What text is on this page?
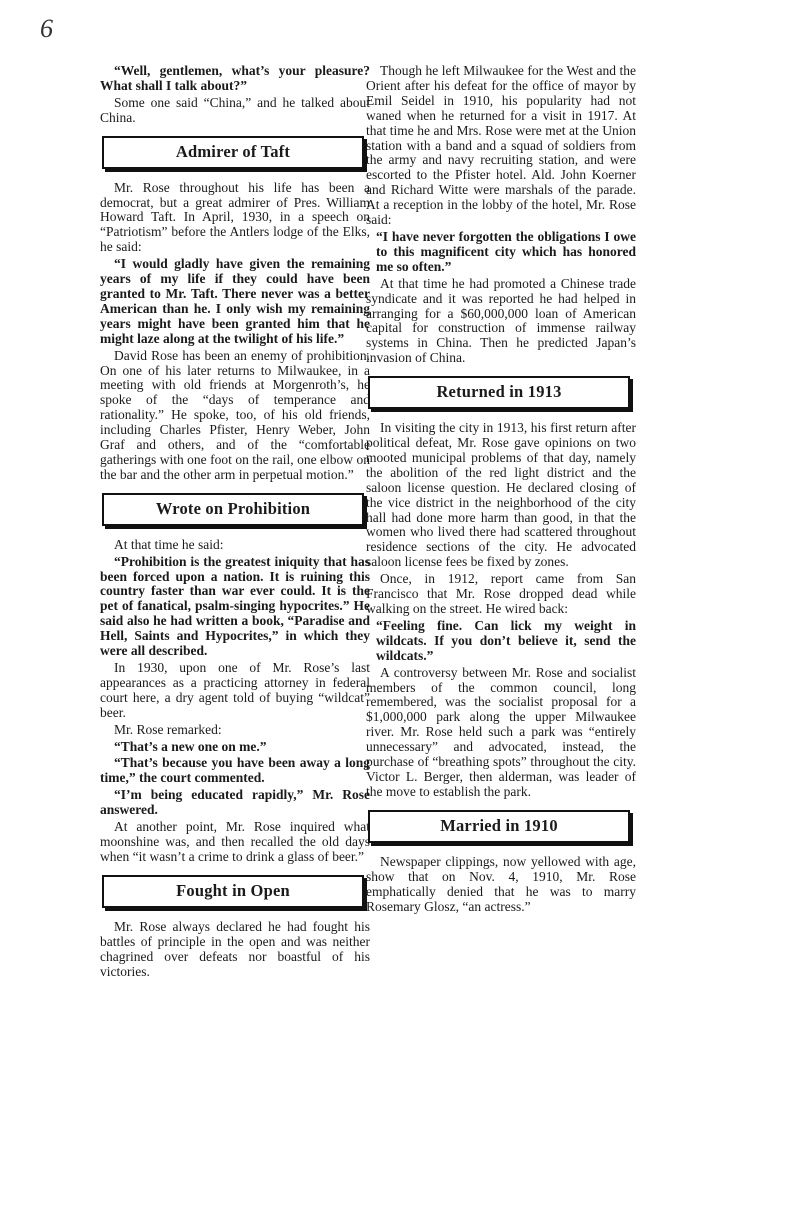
6

“Well, gentlemen, what’s your pleasure? What shall I talk about?”

Some one said “China,” and he talked about China.

Admirer of Taft

Mr. Rose throughout his life has been a democrat, but a great admirer of Pres. William Howard Taft. In April, 1930, in a speech on “Patriotism” before the Antlers lodge of the Elks, he said:

“I would gladly have given the remaining years of my life if they could have been granted to Mr. Taft. There never was a better American than he. I only wish my remaining years might have been granted him that he might laze along at the twilight of his life.”

David Rose has been an enemy of prohibition. On one of his later returns to Milwaukee, in a meeting with old friends at Morgenroth’s, he spoke of the “days of temperance and rationality.” He spoke, too, of his old friends, including Charles Pfister, Henry Weber, John Graf and others, and of the “comfortable gatherings with one foot on the rail, one elbow on the bar and the other arm in perpetual motion.”

Wrote on Prohibition

At that time he said:

“Prohibition is the greatest iniquity that has been forced upon a nation. It is ruining this country faster than war ever could. It is the pet of fanatical, psalm-singing hypocrites.” He said also he had written a book, “Paradise and Hell, Saints and Hypocrites,” in which they were all described.

In 1930, upon one of Mr. Rose’s last appearances as a practicing attorney in federal court here, a dry agent told of buying “wildcat” beer.

Mr. Rose remarked:

“That’s a new one on me.”

“That’s because you have been away a long time,” the court commented.

“I’m being educated rapidly,” Mr. Rose answered.

At another point, Mr. Rose inquired what moonshine was, and then recalled the old days when “it wasn’t a crime to drink a glass of beer.”

Fought in Open

Mr. Rose always declared he had fought his battles of principle in the open and was neither chagrined over defeats nor boastful of his victories.

Though he left Milwaukee for the West and the Orient after his defeat for the office of mayor by Emil Seidel in 1910, his popularity had not waned when he returned for a visit in 1917. At that time he and Mrs. Rose were met at the Union station with a band and a squad of soldiers from the army and navy recruiting station, and were escorted to the Pfister hotel. Ald. John Koerner and Richard Witte were marshals of the parade. At a reception in the lobby of the hotel, Mr. Rose said:

“I have never forgotten the obligations I owe to this magnificent city which has honored me so often.”

At that time he had promoted a Chinese trade syndicate and it was reported he had helped in arranging for a $60,000,000 loan of American capital for construction of immense railway systems in China. Then he predicted Japan’s invasion of China.

Returned in 1913

In visiting the city in 1913, his first return after political defeat, Mr. Rose gave opinions on two mooted municipal problems of that day, namely the abolition of the red light district and the saloon license question. He declared closing of the vice district in the neighborhood of the city hall had done more harm than good, in that the women who lived there had scattered throughout residence sections of the city. He advocated saloon license fees be fixed by zones.

Once, in 1912, report came from San Francisco that Mr. Rose dropped dead while walking on the street. He wired back:

“Feeling fine. Can lick my weight in wildcats. If you don’t believe it, send the wildcats.”

A controversy between Mr. Rose and socialist members of the common council, long remembered, was the socialist proposal for a $1,000,000 park along the upper Milwaukee river. Mr. Rose held such a park was “entirely unnecessary” and advocated, instead, the purchase of “breathing spots” throughout the city. Victor L. Berger, then alderman, was leader of the move to establish the park.

Married in 1910

Newspaper clippings, now yellowed with age, show that on Nov. 4, 1910, Mr. Rose emphatically denied that he was to marry Rosemary Glosz, “an actress.”
